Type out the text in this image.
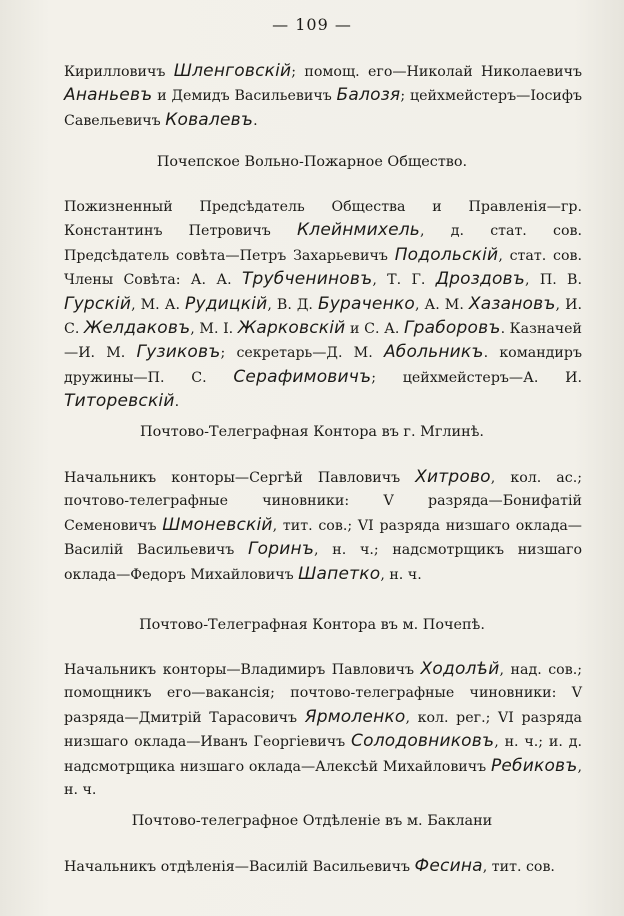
— 109 —
Кирилловичъ Шленговскій; помощ. его—Николай Николаевичъ Ананьевъ и Демидъ Васильевичъ Балозя; цейхмейстеръ—Іосифъ Савельевичъ Ковалевъ.
Почепское Вольно-Пожарное Общество.
Пожизненный Предсѣдатель Общества и Правленія—гр. Константинъ Петровичъ Клейнмихель, д. стат. сов. Предсѣдатель совѣта—Петръ Захарьевичъ Подольскій, стат. сов. Члены Совѣта: А. А. Трубчениновъ, Т. Г. Дроздовъ, П. В. Гурскій, М. А. Рудицкій, В. Д. Бураченко, А. М. Хазановъ, И. С. Желдаковъ, М. І. Жарковскій и С. А. Граборовъ. Казначей—И. М. Гузиковъ; секретарь—Д. М. Абольникъ. командиръ дружины—П. С. Серафимовичъ; цейхмейстеръ—А. И. Титоревскій.
Почтово-Телеграфная Контора въ г. Мглинѣ.
Начальникъ конторы—Сергѣй Павловичъ Хитрово, кол. ас.; почтово-телеграфные чиновники: V разряда—Бонифатій Семеновичъ Шмоневскій, тит. сов.; VI разряда низшаго оклада—Василій Васильевичъ Горинъ, н. ч.; надсмотрщикъ низшаго оклада—Федоръ Михайловичъ Шапетко, н. ч.
Почтово-Телеграфная Контора въ м. Почепѣ.
Начальникъ конторы—Владимиръ Павловичъ Ходолѣй, над. сов.; помощникъ его—вакансія; почтово-телеграфные чиновники: V разряда—Дмитрій Тарасовичъ Ярмоленко, кол. рег.; VI разряда низшаго оклада—Иванъ Георгіевичъ Солодовниковъ, н. ч.; и. д. надсмотрщика низшаго оклада—Алексѣй Михайловичъ Ребиковъ, н. ч.
Почтово-телеграфное Отдѣленіе въ м. Баклани
Начальникъ отдѣленія—Василій Васильевичъ Фесина, тит. сов.
